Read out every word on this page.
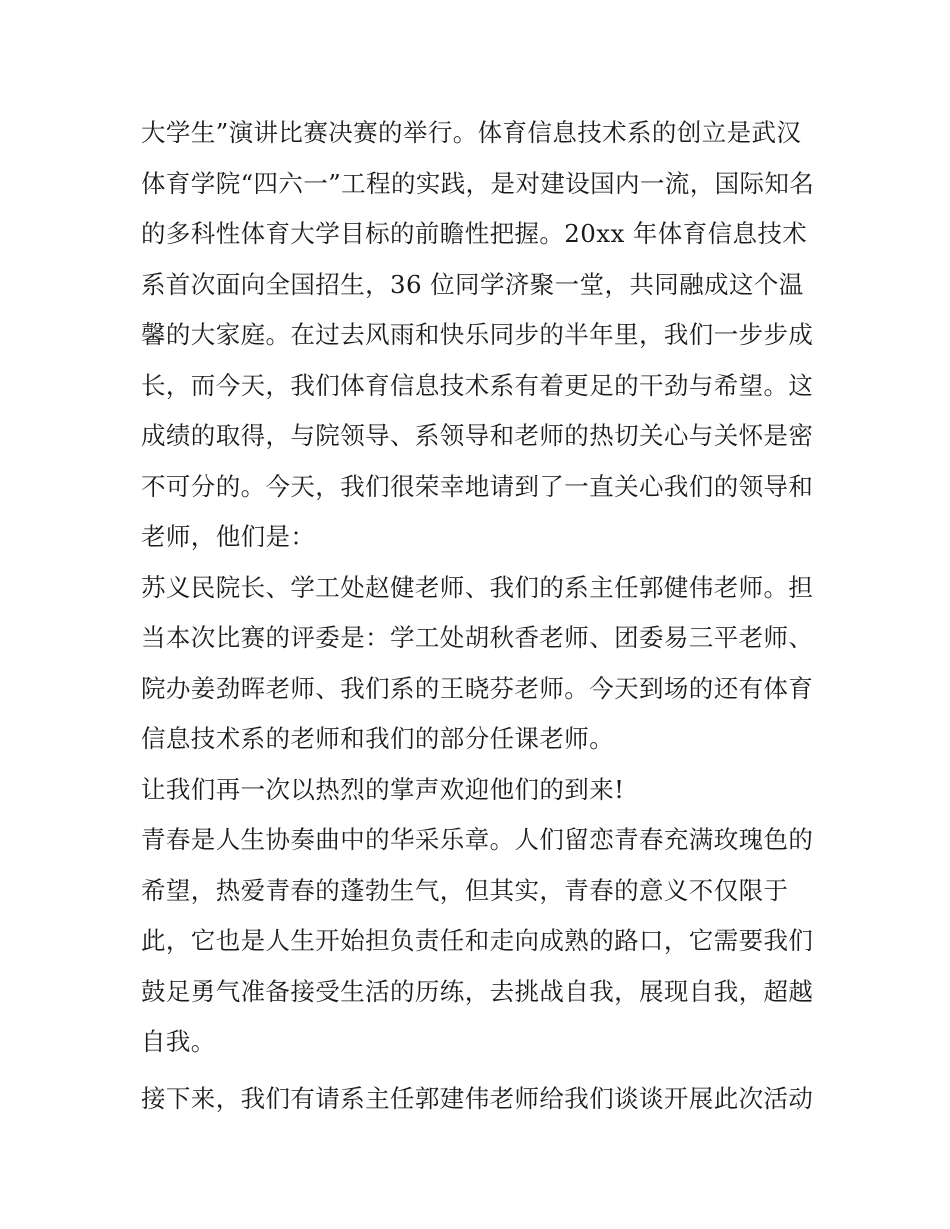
大学生”演讲比赛决赛的举行。体育信息技术系的创立是武汉
体育学院“四六一”工程的实践，是对建设国内一流，国际知名
的多科性体育大学目标的前瞻性把握。20xx 年体育信息技术
系首次面向全国招生，36 位同学济聚一堂，共同融成这个温
馨的大家庭。在过去风雨和快乐同步的半年里，我们一步步成
长，而今天，我们体育信息技术系有着更足的干劲与希望。这
成绩的取得，与院领导、系领导和老师的热切关心与关怀是密
不可分的。今天，我们很荣幸地请到了一直关心我们的领导和
老师，他们是：
苏义民院长、学工处赵健老师、我们的系主任郭健伟老师。担
当本次比赛的评委是：学工处胡秋香老师、团委易三平老师、
院办姜劲晖老师、我们系的王晓芬老师。今天到场的还有体育
信息技术系的老师和我们的部分任课老师。
让我们再一次以热烈的掌声欢迎他们的到来!
青春是人生协奏曲中的华采乐章。人们留恋青春充满玫瑰色的
希望，热爱青春的蓬勃生气，但其实，青春的意义不仅限于
此，它也是人生开始担负责任和走向成熟的路口，它需要我们
鼓足勇气准备接受生活的历练，去挑战自我，展现自我，超越
自我。
接下来，我们有请系主任郭建伟老师给我们谈谈开展此次活动
